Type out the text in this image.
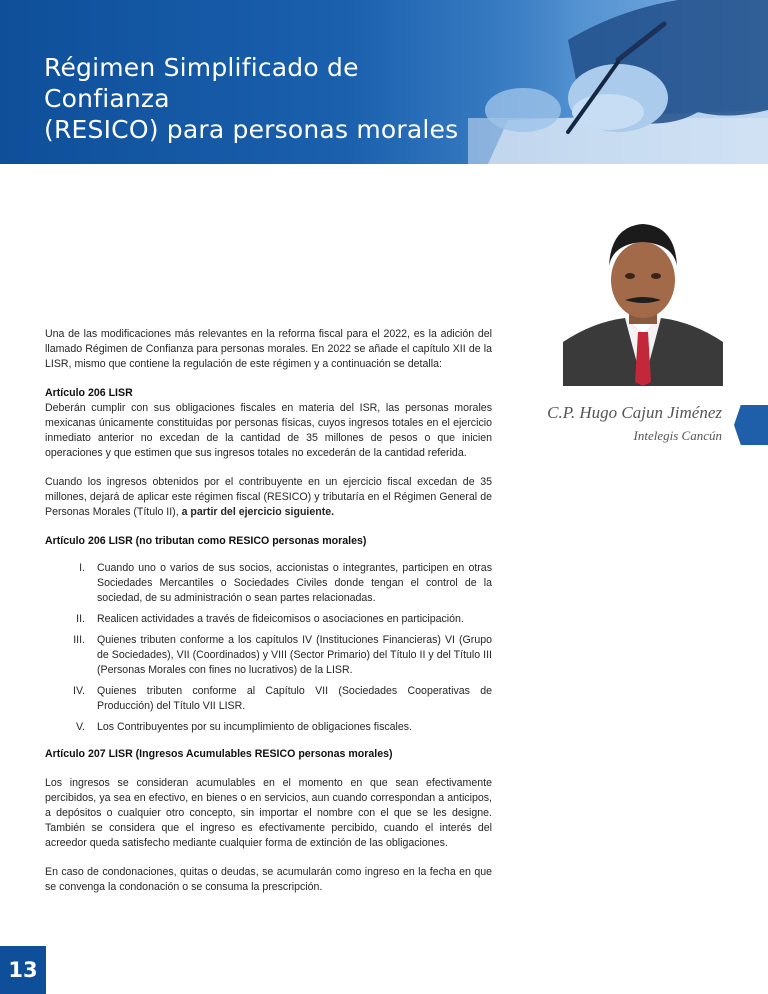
Régimen Simplificado de Confianza
(RESICO) para personas morales
C.P. Hugo Cajun Jiménez
Intelegis Cancún

Una de las modificaciones más relevantes en la reforma fiscal para el 2022, es la adición del llamado Régimen de Confianza para personas morales. En 2022 se añade el capítulo XII de la LISR, mismo que contiene la regulación de este régimen y a continuación se detalla:

Artículo 206 LISR

Deberán cumplir con sus obligaciones fiscales en materia del ISR, las personas morales mexicanas únicamente constituidas por personas físicas, cuyos ingresos totales en el ejercicio inmediato anterior no excedan de la cantidad de 35 millones de pesos o que inicien operaciones y que estimen que sus ingresos totales no excederán de la cantidad referida.

Cuando los ingresos obtenidos por el contribuyente en un ejercicio fiscal excedan de 35 millones, dejará de aplicar este régimen fiscal (RESICO) y tributaría en el Régimen General de Personas Morales (Título II), a partir del ejercicio siguiente.

Artículo 206 LISR (no tributan como RESICO personas morales)

I.	Cuando uno o varios de sus socios, accionistas o integrantes, participen en otras Sociedades Mercantiles o Sociedades Civiles donde tengan el control de la sociedad, de su administración o sean partes relacionadas.
II.	Realicen actividades a través de fideicomisos o asociaciones en participación.
III.	Quienes tributen conforme a los capítulos IV (Instituciones Financieras) VI (Grupo de Sociedades), VII (Coordinados) y VIII (Sector Primario) del Título II y del Título III (Personas Morales con fines no lucrativos) de la LISR.
IV.	Quienes tributen conforme al Capítulo VII (Sociedades Cooperativas de Producción) del Título VII LISR.
V.	Los Contribuyentes por su incumplimiento de obligaciones fiscales.

Artículo 207 LISR (Ingresos Acumulables RESICO personas morales)

Los ingresos se consideran acumulables en el momento en que sean efectivamente percibidos, ya sea en efectivo, en bienes o en servicios, aun cuando correspondan a anticipos, a depósitos o cualquier otro concepto, sin importar el nombre con el que se les designe. También se considera que el ingreso es efectivamente percibido, cuando el interés del acreedor queda satisfecho mediante cualquier forma de extinción de las obligaciones.

En caso de condonaciones, quitas o deudas, se acumularán como ingreso en la fecha en que se convenga la condonación o se consuma la prescripción.

13
